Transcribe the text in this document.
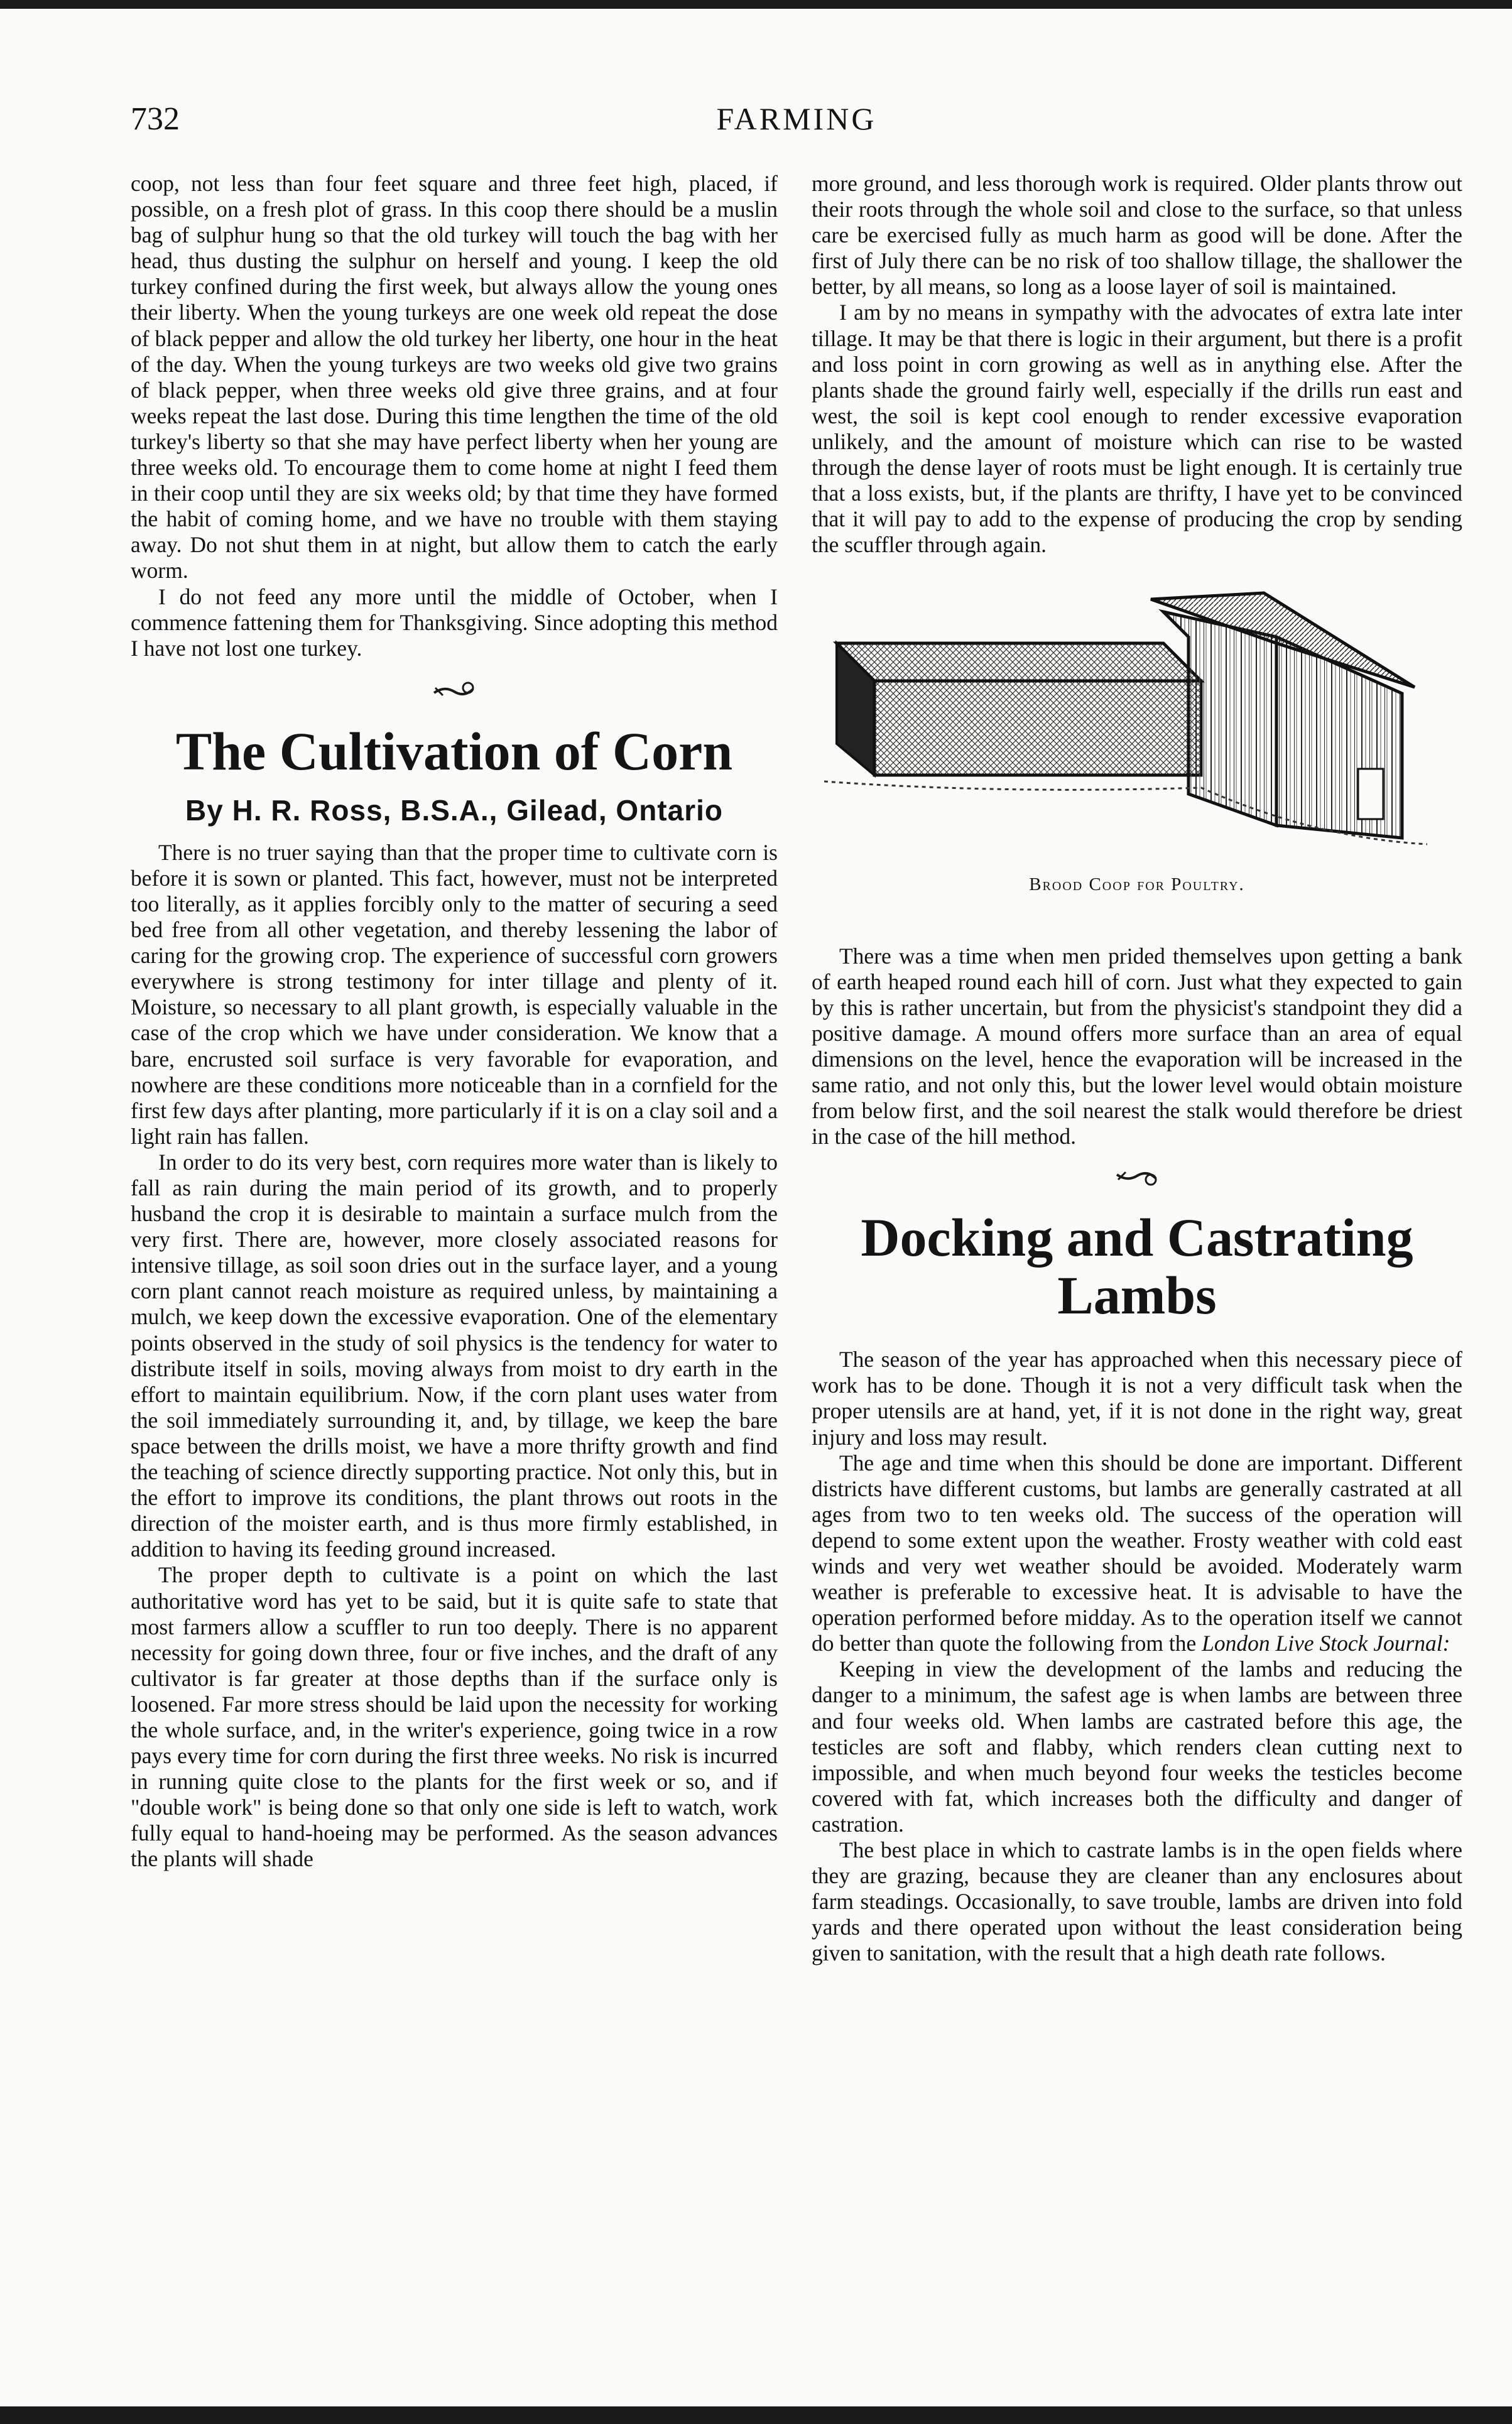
732	FARMING

coop, not less than four feet square and three feet high, placed, if possible, on a fresh plot of grass. In this coop there should be a muslin bag of sulphur hung so that the old turkey will touch the bag with her head, thus dusting the sulphur on herself and young. I keep the old turkey confined during the first week, but always allow the young ones their liberty. When the young turkeys are one week old repeat the dose of black pepper and allow the old turkey her liberty, one hour in the heat of the day. When the young turkeys are two weeks old give two grains of black pepper, when three weeks old give three grains, and at four weeks repeat the last dose. During this time lengthen the time of the old turkey's liberty so that she may have perfect liberty when her young are three weeks old. To encourage them to come home at night I feed them in their coop until they are six weeks old; by that time they have formed the habit of coming home, and we have no trouble with them staying away. Do not shut them in at night, but allow them to catch the early worm.

I do not feed any more until the middle of October, when I commence fattening them for Thanksgiving. Since adopting this method I have not lost one turkey.

The Cultivation of Corn
By H. R. Ross, B.S.A., Gilead, Ontario

There is no truer saying than that the proper time to cultivate corn is before it is sown or planted. This fact, however, must not be interpreted too literally, as it applies forcibly only to the matter of securing a seed bed free from all other vegetation, and thereby lessening the labor of caring for the growing crop. The experience of successful corn growers everywhere is strong testimony for inter tillage and plenty of it. Moisture, so necessary to all plant growth, is especially valuable in the case of the crop which we have under consideration. We know that a bare, encrusted soil surface is very favorable for evaporation, and nowhere are these conditions more noticeable than in a cornfield for the first few days after planting, more particularly if it is on a clay soil and a light rain has fallen.

In order to do its very best, corn requires more water than is likely to fall as rain during the main period of its growth, and to properly husband the crop it is desirable to maintain a surface mulch from the very first. There are, however, more closely associated reasons for intensive tillage, as soil soon dries out in the surface layer, and a young corn plant cannot reach moisture as required unless, by maintaining a mulch, we keep down the excessive evaporation. One of the elementary points observed in the study of soil physics is the tendency for water to distribute itself in soils, moving always from moist to dry earth in the effort to maintain equilibrium. Now, if the corn plant uses water from the soil immediately surrounding it, and, by tillage, we keep the bare space between the drills moist, we have a more thrifty growth and find the teaching of science directly supporting practice. Not only this, but in the effort to improve its conditions, the plant throws out roots in the direction of the moister earth, and is thus more firmly established, in addition to having its feeding ground increased.

The proper depth to cultivate is a point on which the last authoritative word has yet to be said, but it is quite safe to state that most farmers allow a scuffler to run too deeply. There is no apparent necessity for going down three, four or five inches, and the draft of any cultivator is far greater at those depths than if the surface only is loosened. Far more stress should be laid upon the necessity for working the whole surface, and, in the writer's experience, going twice in a row pays every time for corn during the first three weeks. No risk is incurred in running quite close to the plants for the first week or so, and if "double work" is being done so that only one side is left to watch, work fully equal to hand-hoeing may be performed. As the season advances the plants will shade

more ground, and less thorough work is required. Older plants throw out their roots through the whole soil and close to the surface, so that unless care be exercised fully as much harm as good will be done. After the first of July there can be no risk of too shallow tillage, the shallower the better, by all means, so long as a loose layer of soil is maintained.

I am by no means in sympathy with the advocates of extra late inter tillage. It may be that there is logic in their argument, but there is a profit and loss point in corn growing as well as in anything else. After the plants shade the ground fairly well, especially if the drills run east and west, the soil is kept cool enough to render excessive evaporation unlikely, and the amount of moisture which can rise to be wasted through the dense layer of roots must be light enough. It is certainly true that a loss exists, but, if the plants are thrifty, I have yet to be convinced that it will pay to add to the expense of producing the crop by sending the scuffler through again.

Brood Coop for Poultry.

There was a time when men prided themselves upon getting a bank of earth heaped round each hill of corn. Just what they expected to gain by this is rather uncertain, but from the physicist's standpoint they did a positive damage. A mound offers more surface than an area of equal dimensions on the level, hence the evaporation will be increased in the same ratio, and not only this, but the lower level would obtain moisture from below first, and the soil nearest the stalk would therefore be driest in the case of the hill method.

Docking and Castrating
Lambs

The season of the year has approached when this necessary piece of work has to be done. Though it is not a very difficult task when the proper utensils are at hand, yet, if it is not done in the right way, great injury and loss may result.

The age and time when this should be done are important. Different districts have different customs, but lambs are generally castrated at all ages from two to ten weeks old. The success of the operation will depend to some extent upon the weather. Frosty weather with cold east winds and very wet weather should be avoided. Moderately warm weather is preferable to excessive heat. It is advisable to have the operation performed before midday. As to the operation itself we cannot do better than quote the following from the London Live Stock Journal:

Keeping in view the development of the lambs and reducing the danger to a minimum, the safest age is when lambs are between three and four weeks old. When lambs are castrated before this age, the testicles are soft and flabby, which renders clean cutting next to impossible, and when much beyond four weeks the testicles become covered with fat, which increases both the difficulty and danger of castration.

The best place in which to castrate lambs is in the open fields where they are grazing, because they are cleaner than any enclosures about farm steadings. Occasionally, to save trouble, lambs are driven into fold yards and there operated upon without the least consideration being given to sanitation, with the result that a high death rate follows.
